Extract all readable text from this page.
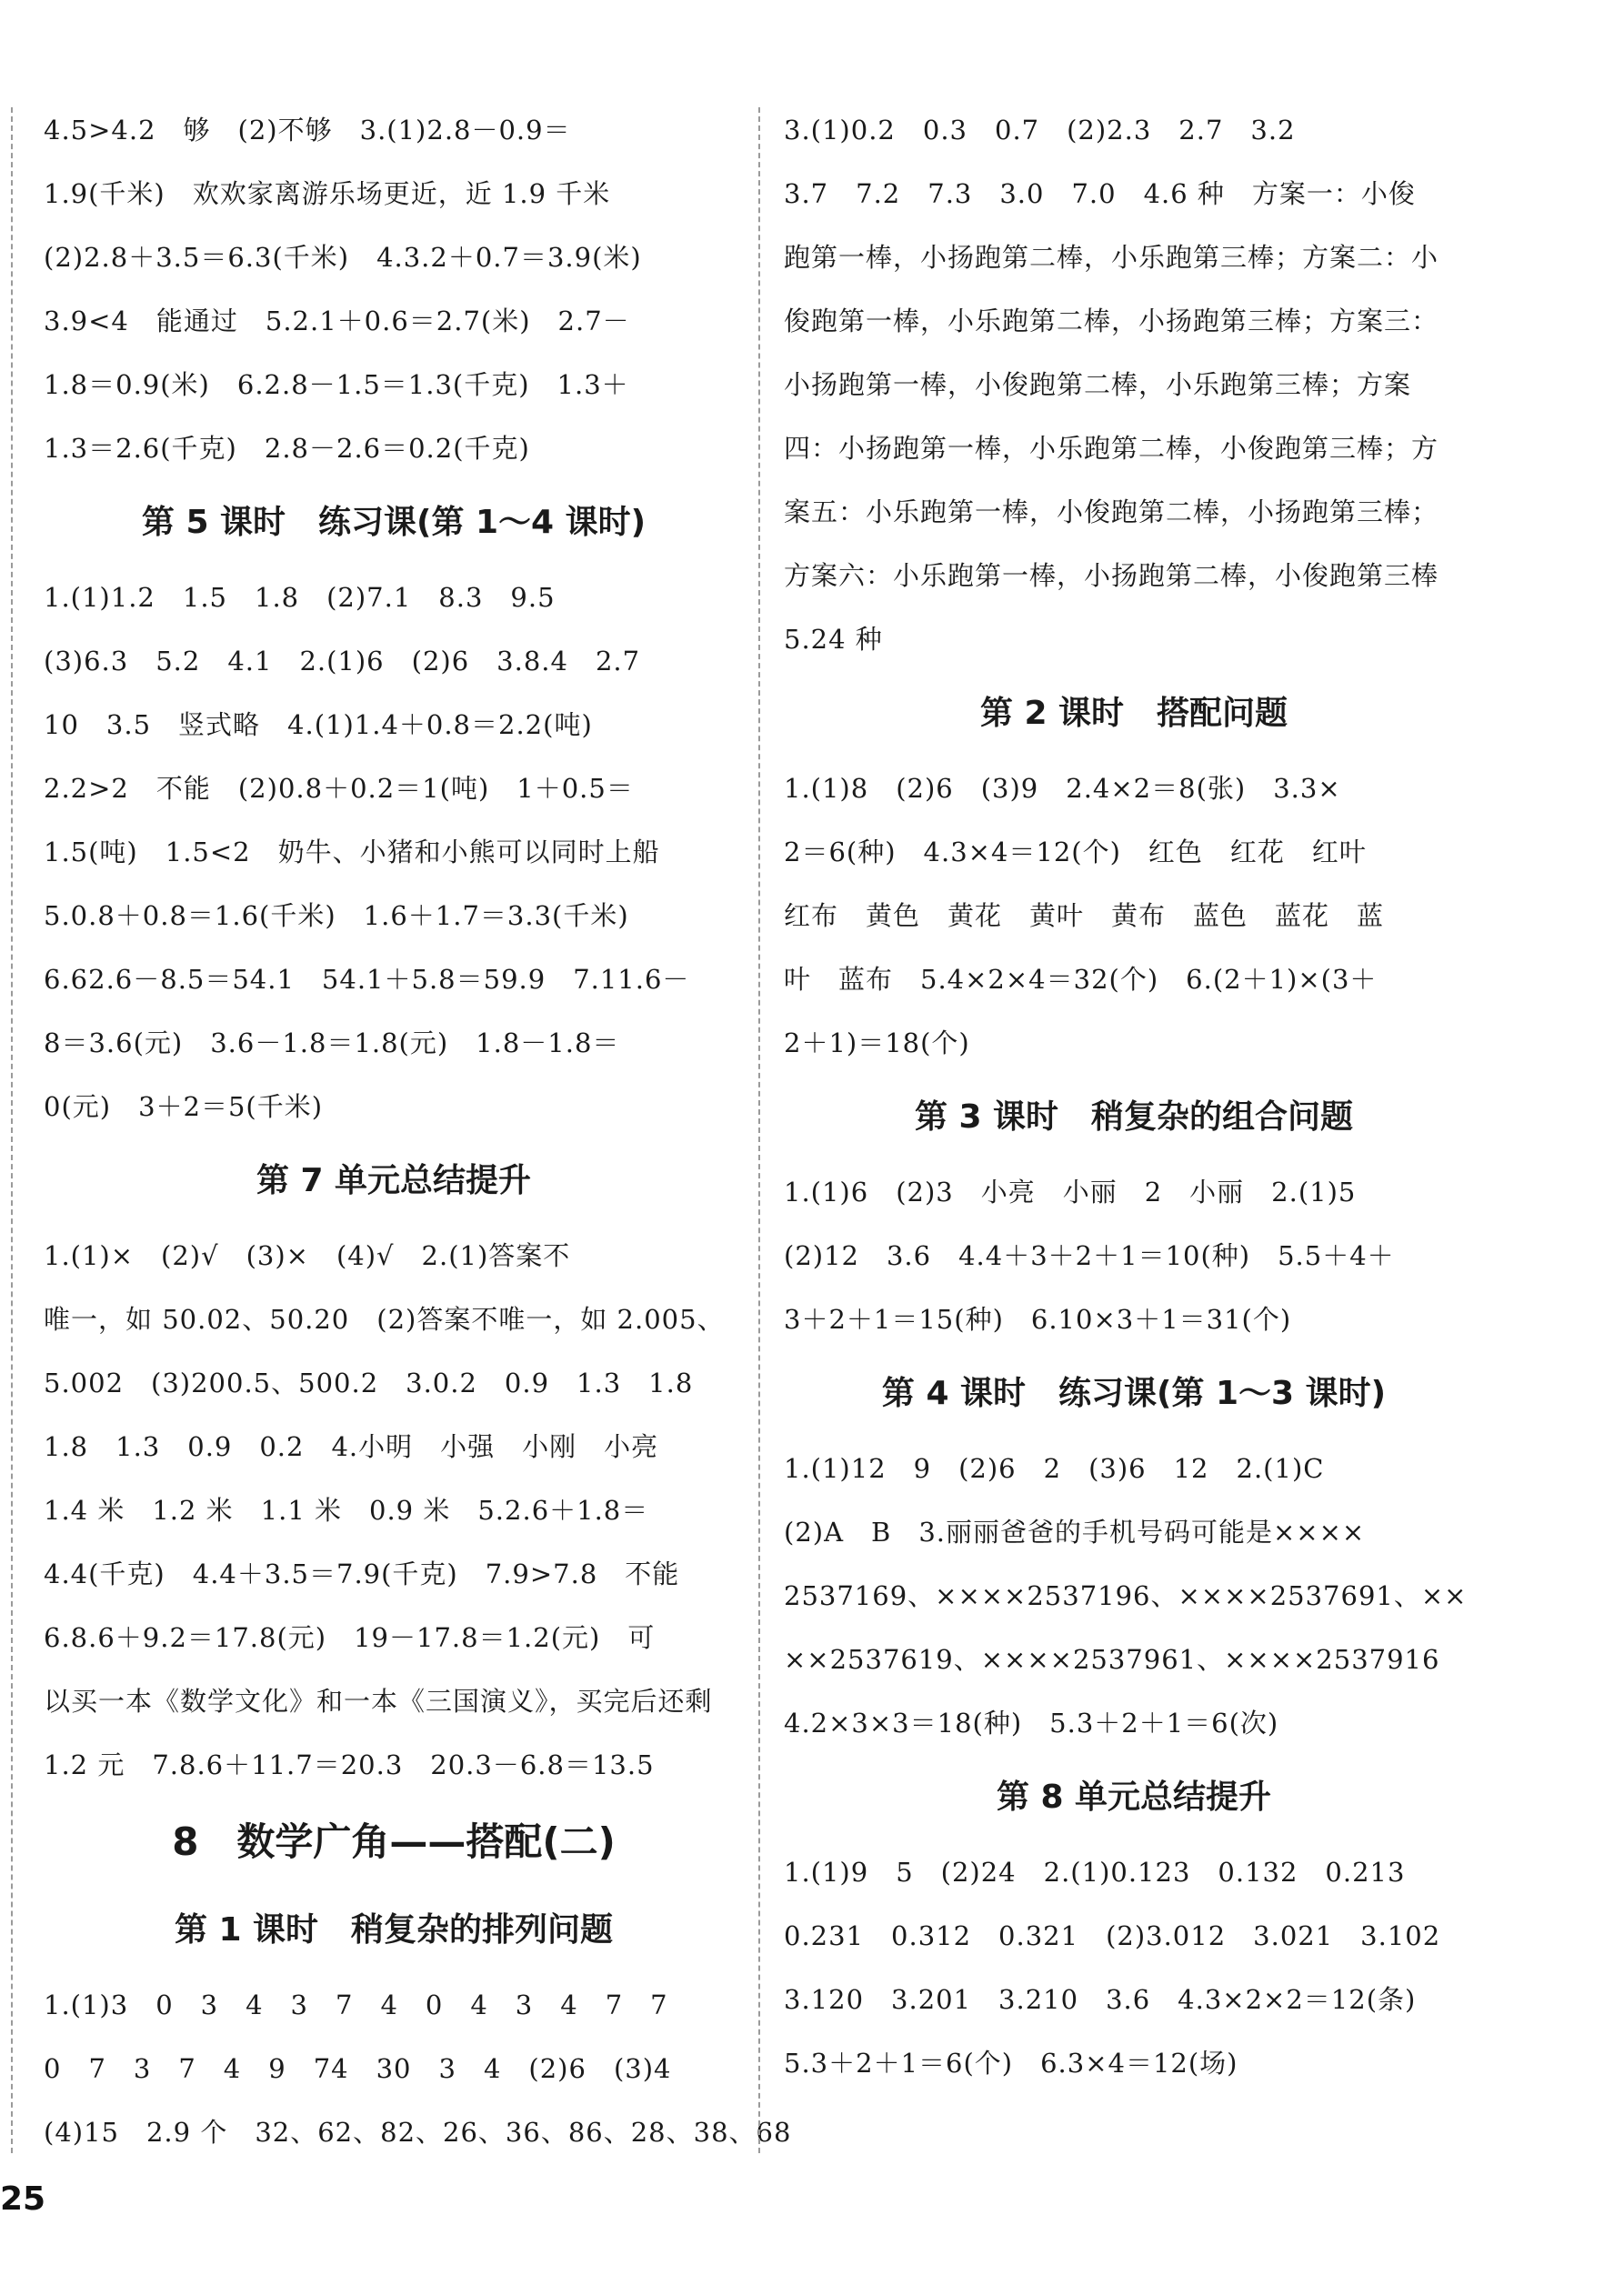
4.5>4.2　够　(2)不够　3.(1)2.8－0.9＝
1.9(千米)　欢欢家离游乐场更近，近 1.9 千米
(2)2.8＋3.5＝6.3(千米)　4.3.2＋0.7＝3.9(米)
3.9<4　能通过　5.2.1＋0.6＝2.7(米)　2.7－
1.8＝0.9(米)　6.2.8－1.5＝1.3(千克)　1.3＋
1.3＝2.6(千克)　2.8－2.6＝0.2(千克)
第 5 课时　练习课(第 1～4 课时)
1.(1)1.2　1.5　1.8　(2)7.1　8.3　9.5
(3)6.3　5.2　4.1　2.(1)6　(2)6　3.8.4　2.7
10　3.5　竖式略　4.(1)1.4＋0.8＝2.2(吨)
2.2>2　不能　(2)0.8＋0.2＝1(吨)　1＋0.5＝
1.5(吨)　1.5<2　奶牛、小猪和小熊可以同时上船
5.0.8＋0.8＝1.6(千米)　1.6＋1.7＝3.3(千米)
6.62.6－8.5＝54.1　54.1＋5.8＝59.9　7.11.6－
8＝3.6(元)　3.6－1.8＝1.8(元)　1.8－1.8＝
0(元)　3＋2＝5(千米)
第 7 单元总结提升
1.(1)×　(2)√　(3)×　(4)√　2.(1)答案不
唯一，如 50.02、50.20　(2)答案不唯一，如 2.005、
5.002　(3)200.5、500.2　3.0.2　0.9　1.3　1.8
1.8　1.3　0.9　0.2　4.小明　小强　小刚　小亮
1.4 米　1.2 米　1.1 米　0.9 米　5.2.6＋1.8＝
4.4(千克)　4.4＋3.5＝7.9(千克)　7.9>7.8　不能
6.8.6＋9.2＝17.8(元)　19－17.8＝1.2(元)　可
以买一本《数学文化》和一本《三国演义》，买完后还剩
1.2 元　7.8.6＋11.7＝20.3　20.3－6.8＝13.5
8　数学广角——搭配(二)
第 1 课时　稍复杂的排列问题
1.(1)3　0　3　4　3　7　4　0　4　3　4　7　7
0　7　3　7　4　9　74　30　3　4　(2)6　(3)4
(4)15　2.9 个　32、62、82、26、36、86、28、38、68
3.(1)0.2　0.3　0.7　(2)2.3　2.7　3.2
3.7　7.2　7.3　3.0　7.0　4.6 种　方案一：小俊
跑第一棒，小扬跑第二棒，小乐跑第三棒；方案二：小
俊跑第一棒，小乐跑第二棒，小扬跑第三棒；方案三：
小扬跑第一棒，小俊跑第二棒，小乐跑第三棒；方案
四：小扬跑第一棒，小乐跑第二棒，小俊跑第三棒；方
案五：小乐跑第一棒，小俊跑第二棒，小扬跑第三棒；
方案六：小乐跑第一棒，小扬跑第二棒，小俊跑第三棒
5.24 种
第 2 课时　搭配问题
1.(1)8　(2)6　(3)9　2.4×2＝8(张)　3.3×
2＝6(种)　4.3×4＝12(个)　红色　红花　红叶
红布　黄色　黄花　黄叶　黄布　蓝色　蓝花　蓝
叶　蓝布　5.4×2×4＝32(个)　6.(2＋1)×(3＋
2＋1)＝18(个)
第 3 课时　稍复杂的组合问题
1.(1)6　(2)3　小亮　小丽　2　小丽　2.(1)5
(2)12　3.6　4.4＋3＋2＋1＝10(种)　5.5＋4＋
3＋2＋1＝15(种)　6.10×3＋1＝31(个)
第 4 课时　练习课(第 1～3 课时)
1.(1)12　9　(2)6　2　(3)6　12　2.(1)C
(2)A　B　3.丽丽爸爸的手机号码可能是××××
2537169、××××2537196、××××2537691、××
××2537619、××××2537961、××××2537916
4.2×3×3＝18(种)　5.3＋2＋1＝6(次)
第 8 单元总结提升
1.(1)9　5　(2)24　2.(1)0.123　0.132　0.213
0.231　0.312　0.321　(2)3.012　3.021　3.102
3.120　3.201　3.210　3.6　4.3×2×2＝12(条)
5.3＋2＋1＝6(个)　6.3×4＝12(场)
25
